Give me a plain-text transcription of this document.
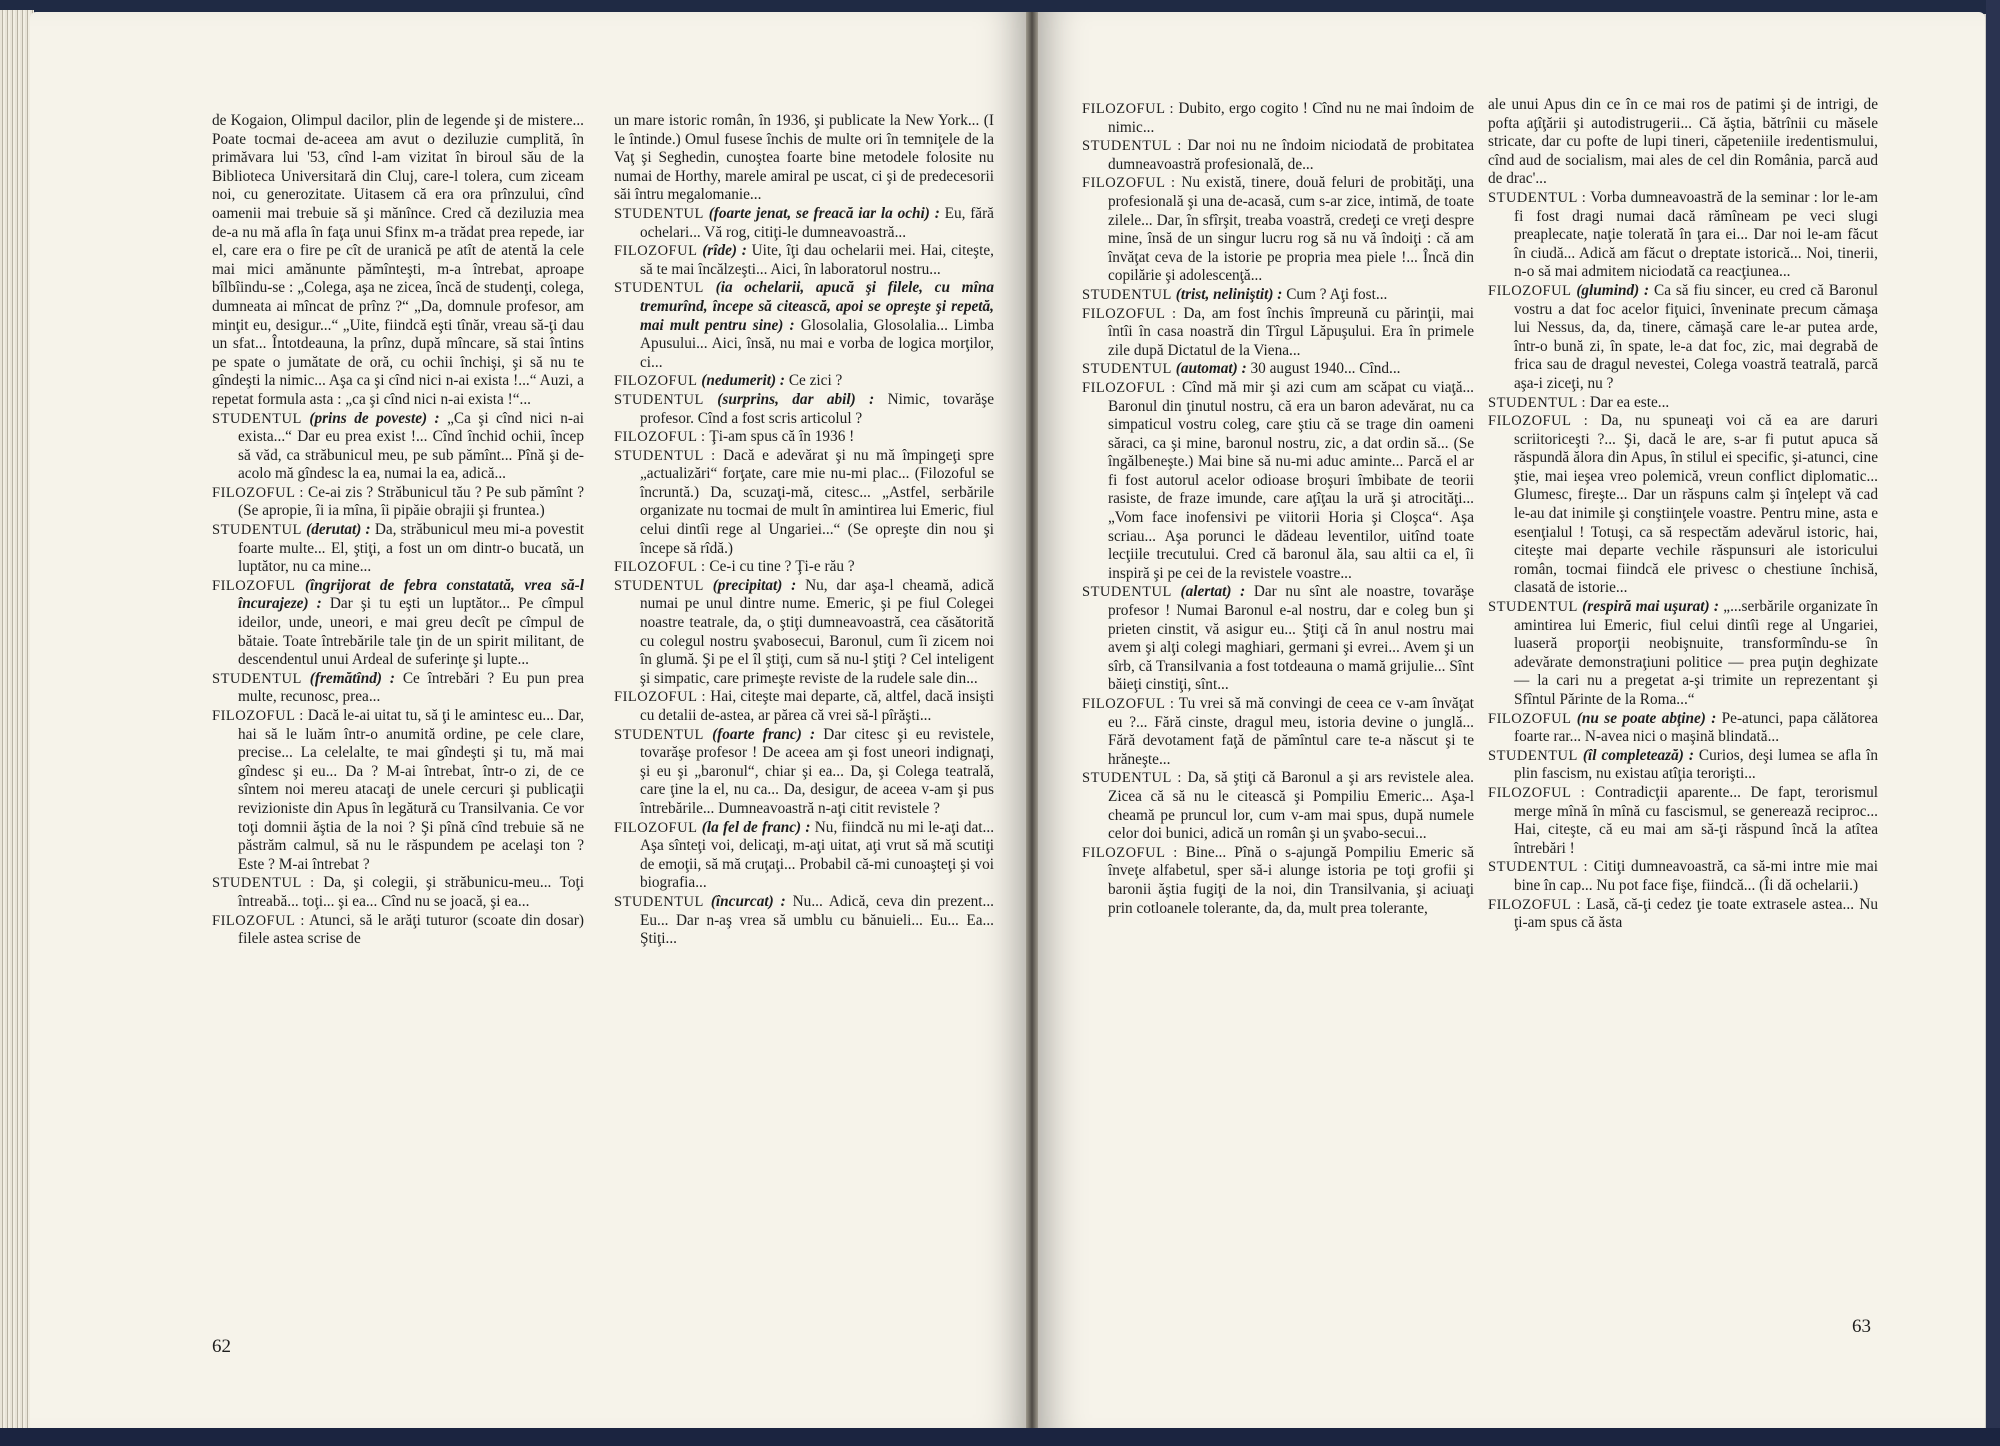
de Kogaion, Olimpul dacilor, plin de legende şi de mistere... Poate tocmai de-aceea am avut o deziluzie cumplită, în primăvara lui '53, cînd l-am vizitat în biroul său de la Biblioteca Universitară din Cluj, care-l tolera, cum ziceam noi, cu generozitate. Uitasem că era ora prînzului, cînd oamenii mai trebuie să şi mănînce. Cred că deziluzia mea de-a nu mă afla în faţa unui Sfinx m-a trădat prea repede, iar el, care era o fire pe cît de uranică pe atît de atentă la cele mai mici amănunte pămînteşti, m-a întrebat, aproape bîlbîindu-se : „Colega, aşa ne zicea, încă de studenţi, colega, dumneata ai mîncat de prînz ?“ „Da, domnule profesor, am minţit eu, desigur...“ „Uite, fiindcă eşti tînăr, vreau să-ţi dau un sfat... Întotdeauna, la prînz, după mîncare, să stai întins pe spate o jumătate de oră, cu ochii închişi, şi să nu te gîndeşti la nimic... Aşa ca şi cînd nici n-ai exista !...“ Auzi, a repetat formula asta : „ca şi cînd nici n-ai exista !“...

STUDENTUL (prins de poveste) : „Ca şi cînd nici n-ai exista...“ Dar eu prea exist !... Cînd închid ochii, încep să văd, ca străbunicul meu, pe sub pămînt... Pînă şi de-acolo mă gîndesc la ea, numai la ea, adică...

FILOZOFUL : Ce-ai zis ? Străbunicul tău ? Pe sub pămînt ? (Se apropie, îi ia mîna, îi pipăie obrajii şi fruntea.)

STUDENTUL (derutat) : Da, străbunicul meu mi-a povestit foarte multe... El, ştiţi, a fost un om dintr-o bucată, un luptător, nu ca mine...

FILOZOFUL (îngrijorat de febra constatată, vrea să-l încurajeze) : Dar şi tu eşti un luptător... Pe cîmpul ideilor, unde, uneori, e mai greu decît pe cîmpul de bătaie. Toate întrebările tale ţin de un spirit militant, de descendentul unui Ardeal de suferinţe şi lupte...

STUDENTUL (fremătînd) : Ce întrebări ? Eu pun prea multe, recunosc, prea...

FILOZOFUL : Dacă le-ai uitat tu, să ţi le amintesc eu... Dar, hai să le luăm într-o anumită ordine, pe cele clare, precise... La celelalte, te mai gîndeşti şi tu, mă mai gîndesc şi eu... Da ? M-ai întrebat, într-o zi, de ce sîntem noi mereu atacaţi de unele cercuri şi publicaţii revizioniste din Apus în legătură cu Transilvania. Ce vor toţi domnii ăştia de la noi ? Şi pînă cînd trebuie să ne păstrăm calmul, să nu le răspundem pe acelaşi ton ? Este ? M-ai întrebat ?

STUDENTUL : Da, şi colegii, şi străbunicu-meu... Toţi întreabă... toţi... şi ea... Cînd nu se joacă, şi ea...

FILOZOFUL : Atunci, să le arăţi tuturor (scoate din dosar) filele astea scrise de

un mare istoric român, în 1936, şi publicate la New York... (I le întinde.) Omul fusese închis de multe ori în temniţele de la Vaţ şi Seghedin, cunoştea foarte bine metodele folosite nu numai de Horthy, marele amiral pe uscat, ci şi de predecesorii săi întru megalomanie...

STUDENTUL (foarte jenat, se freacă iar la ochi) : Eu, fără ochelari... Vă rog, citiţi-le dumneavoastră...

FILOZOFUL (rîde) : Uite, îţi dau ochelarii mei. Hai, citeşte, să te mai încălzeşti... Aici, în laboratorul nostru...

STUDENTUL (ia ochelarii, apucă şi filele, cu mîna tremurînd, începe să citească, apoi se opreşte şi repetă, mai mult pentru sine) : Glosolalia, Glosolalia... Limba Apusului... Aici, însă, nu mai e vorba de logica morţilor, ci...

FILOZOFUL (nedumerit) : Ce zici ?

STUDENTUL (surprins, dar abil) : Nimic, tovarăşe profesor. Cînd a fost scris articolul ?

FILOZOFUL : Ţi-am spus că în 1936 !

STUDENTUL : Dacă e adevărat şi nu mă împingeţi spre „actualizări“ forţate, care mie nu-mi plac... (Filozoful se încruntă.) Da, scuzaţi-mă, citesc... „Astfel, serbările organizate nu tocmai de mult în amintirea lui Emeric, fiul celui dintîi rege al Ungariei...“ (Se opreşte din nou şi începe să rîdă.)

FILOZOFUL : Ce-i cu tine ? Ţi-e rău ?

STUDENTUL (precipitat) : Nu, dar aşa-l cheamă, adică numai pe unul dintre nume. Emeric, şi pe fiul Colegei noastre teatrale, da, o ştiţi dumneavoastră, cea căsătorită cu colegul nostru şvabosecui, Baronul, cum îi zicem noi în glumă. Şi pe el îl ştiţi, cum să nu-l ştiţi ? Cel inteligent şi simpatic, care primeşte reviste de la rudele sale din...

FILOZOFUL : Hai, citeşte mai departe, că, altfel, dacă insişti cu detalii de-astea, ar părea că vrei să-l pîrăşti...

STUDENTUL (foarte franc) : Dar citesc şi eu revistele, tovarăşe profesor ! De aceea am şi fost uneori indignaţi, şi eu şi „baronul“, chiar şi ea... Da, şi Colega teatrală, care ţine la el, nu ca... Da, desigur, de aceea v-am şi pus întrebările... Dumneavoastră n-aţi citit revistele ?

FILOZOFUL (la fel de franc) : Nu, fiindcă nu mi le-aţi dat... Aşa sînteţi voi, delicaţi, m-aţi uitat, aţi vrut să mă scutiţi de emoţii, să mă cruţaţi... Probabil că-mi cunoaşteţi şi voi biografia...

STUDENTUL (încurcat) : Nu... Adică, ceva din prezent... Eu... Dar n-aş vrea să umblu cu bănuieli... Eu... Ea... Ştiţi...

FILOZOFUL : Dubito, ergo cogito ! Cînd nu ne mai îndoim de nimic...

STUDENTUL : Dar noi nu ne îndoim niciodată de probitatea dumneavoastră profesională, de...

FILOZOFUL : Nu există, tinere, două feluri de probităţi, una profesională şi una de-acasă, cum s-ar zice, intimă, de toate zilele... Dar, în sfîrşit, treaba voastră, credeţi ce vreţi despre mine, însă de un singur lucru rog să nu vă îndoiţi : că am învăţat ceva de la istorie pe propria mea piele !... Încă din copilărie şi adolescenţă...

STUDENTUL (trist, neliniştit) : Cum ? Aţi fost...

FILOZOFUL : Da, am fost închis împreună cu părinţii, mai întîi în casa noastră din Tîrgul Lăpuşului. Era în primele zile după Dictatul de la Viena...

STUDENTUL (automat) : 30 august 1940... Cînd...

FILOZOFUL : Cînd mă mir şi azi cum am scăpat cu viaţă... Baronul din ţinutul nostru, că era un baron adevărat, nu ca simpaticul vostru coleg, care ştiu că se trage din oameni săraci, ca şi mine, baronul nostru, zic, a dat ordin să... (Se îngălbeneşte.) Mai bine să nu-mi aduc aminte... Parcă el ar fi fost autorul acelor odioase broşuri îmbibate de teorii rasiste, de fraze imunde, care aţîţau la ură şi atrocităţi... „Vom face inofensivi pe viitorii Horia şi Cloşca“. Aşa scriau... Aşa porunci le dădeau leventilor, uitînd toate lecţiile trecutului. Cred că baronul ăla, sau altii ca el, îi inspiră şi pe cei de la revistele voastre...

STUDENTUL (alertat) : Dar nu sînt ale noastre, tovarăşe profesor ! Numai Baronul e-al nostru, dar e coleg bun şi prieten cinstit, vă asigur eu... Ştiţi că în anul nostru mai avem şi alţi colegi maghiari, germani şi evrei... Avem şi un sîrb, că Transilvania a fost totdeauna o mamă grijulie... Sînt băieţi cinstiţi, sînt...

FILOZOFUL : Tu vrei să mă convingi de ceea ce v-am învăţat eu ?... Fără cinste, dragul meu, istoria devine o junglă... Fără devotament faţă de pămîntul care te-a născut şi te hrăneşte...

STUDENTUL : Da, să ştiţi că Baronul a şi ars revistele alea. Zicea că să nu le citească şi Pompiliu Emeric... Aşa-l cheamă pe pruncul lor, cum v-am mai spus, după numele celor doi bunici, adică un român şi un şvabo-secui...

FILOZOFUL : Bine... Pînă o s-ajungă Pompiliu Emeric să înveţe alfabetul, sper să-i alunge istoria pe toţi grofii şi baronii ăştia fugiţi de la noi, din Transilvania, şi aciuaţi prin cotloanele tolerante, da, da, mult prea tolerante,

ale unui Apus din ce în ce mai ros de patimi şi de intrigi, de pofta aţîţării şi autodistrugerii... Că ăştia, bătrînii cu măsele stricate, dar cu pofte de lupi tineri, căpeteniile iredentismului, cînd aud de socialism, mai ales de cel din România, parcă aud de drac'...

STUDENTUL : Vorba dumneavoastră de la seminar : lor le-am fi fost dragi numai dacă rămîneam pe veci slugi preaplecate, naţie tolerată în ţara ei... Dar noi le-am făcut în ciudă... Adică am făcut o dreptate istorică... Noi, tinerii, n-o să mai admitem niciodată ca reacţiunea...

FILOZOFUL (glumind) : Ca să fiu sincer, eu cred că Baronul vostru a dat foc acelor fiţuici, înveninate precum cămaşa lui Nessus, da, da, tinere, cămaşă care le-ar putea arde, într-o bună zi, în spate, le-a dat foc, zic, mai degrabă de frica sau de dragul nevestei, Colega voastră teatrală, parcă aşa-i ziceţi, nu ?

STUDENTUL : Dar ea este...

FILOZOFUL : Da, nu spuneaţi voi că ea are daruri scriitoriceşti ?... Şi, dacă le are, s-ar fi putut apuca să răspundă ălora din Apus, în stilul ei specific, şi-atunci, cine ştie, mai ieşea vreo polemică, vreun conflict diplomatic... Glumesc, fireşte... Dar un răspuns calm şi înţelept vă cad le-au dat inimile şi conştiinţele voastre. Pentru mine, asta e esenţialul ! Totuşi, ca să respectăm adevărul istoric, hai, citeşte mai departe vechile răspunsuri ale istoricului român, tocmai fiindcă ele privesc o chestiune închisă, clasată de istorie...

STUDENTUL (respiră mai uşurat) : „...serbările organizate în amintirea lui Emeric, fiul celui dintîi rege al Ungariei, luaseră proporţii neobişnuite, transformîndu-se în adevărate demonstraţiuni politice — prea puţin deghizate — la cari nu a pregetat a-şi trimite un reprezentant şi Sfîntul Părinte de la Roma...“

FILOZOFUL (nu se poate abţine) : Pe-atunci, papa călătorea foarte rar... N-avea nici o maşină blindată...

STUDENTUL (îl completează) : Curios, deşi lumea se afla în plin fascism, nu existau atîţia terorişti...

FILOZOFUL : Contradicţii aparente... De fapt, terorismul merge mînă în mînă cu fascismul, se generează reciproc... Hai, citeşte, că eu mai am să-ţi răspund încă la atîtea întrebări !

STUDENTUL : Citiţi dumneavoastră, ca să-mi intre mie mai bine în cap... Nu pot face fişe, fiindcă... (Îi dă ochelarii.)

FILOZOFUL : Lasă, că-ţi cedez ţie toate extrasele astea... Nu ţi-am spus că ăsta

62
63
